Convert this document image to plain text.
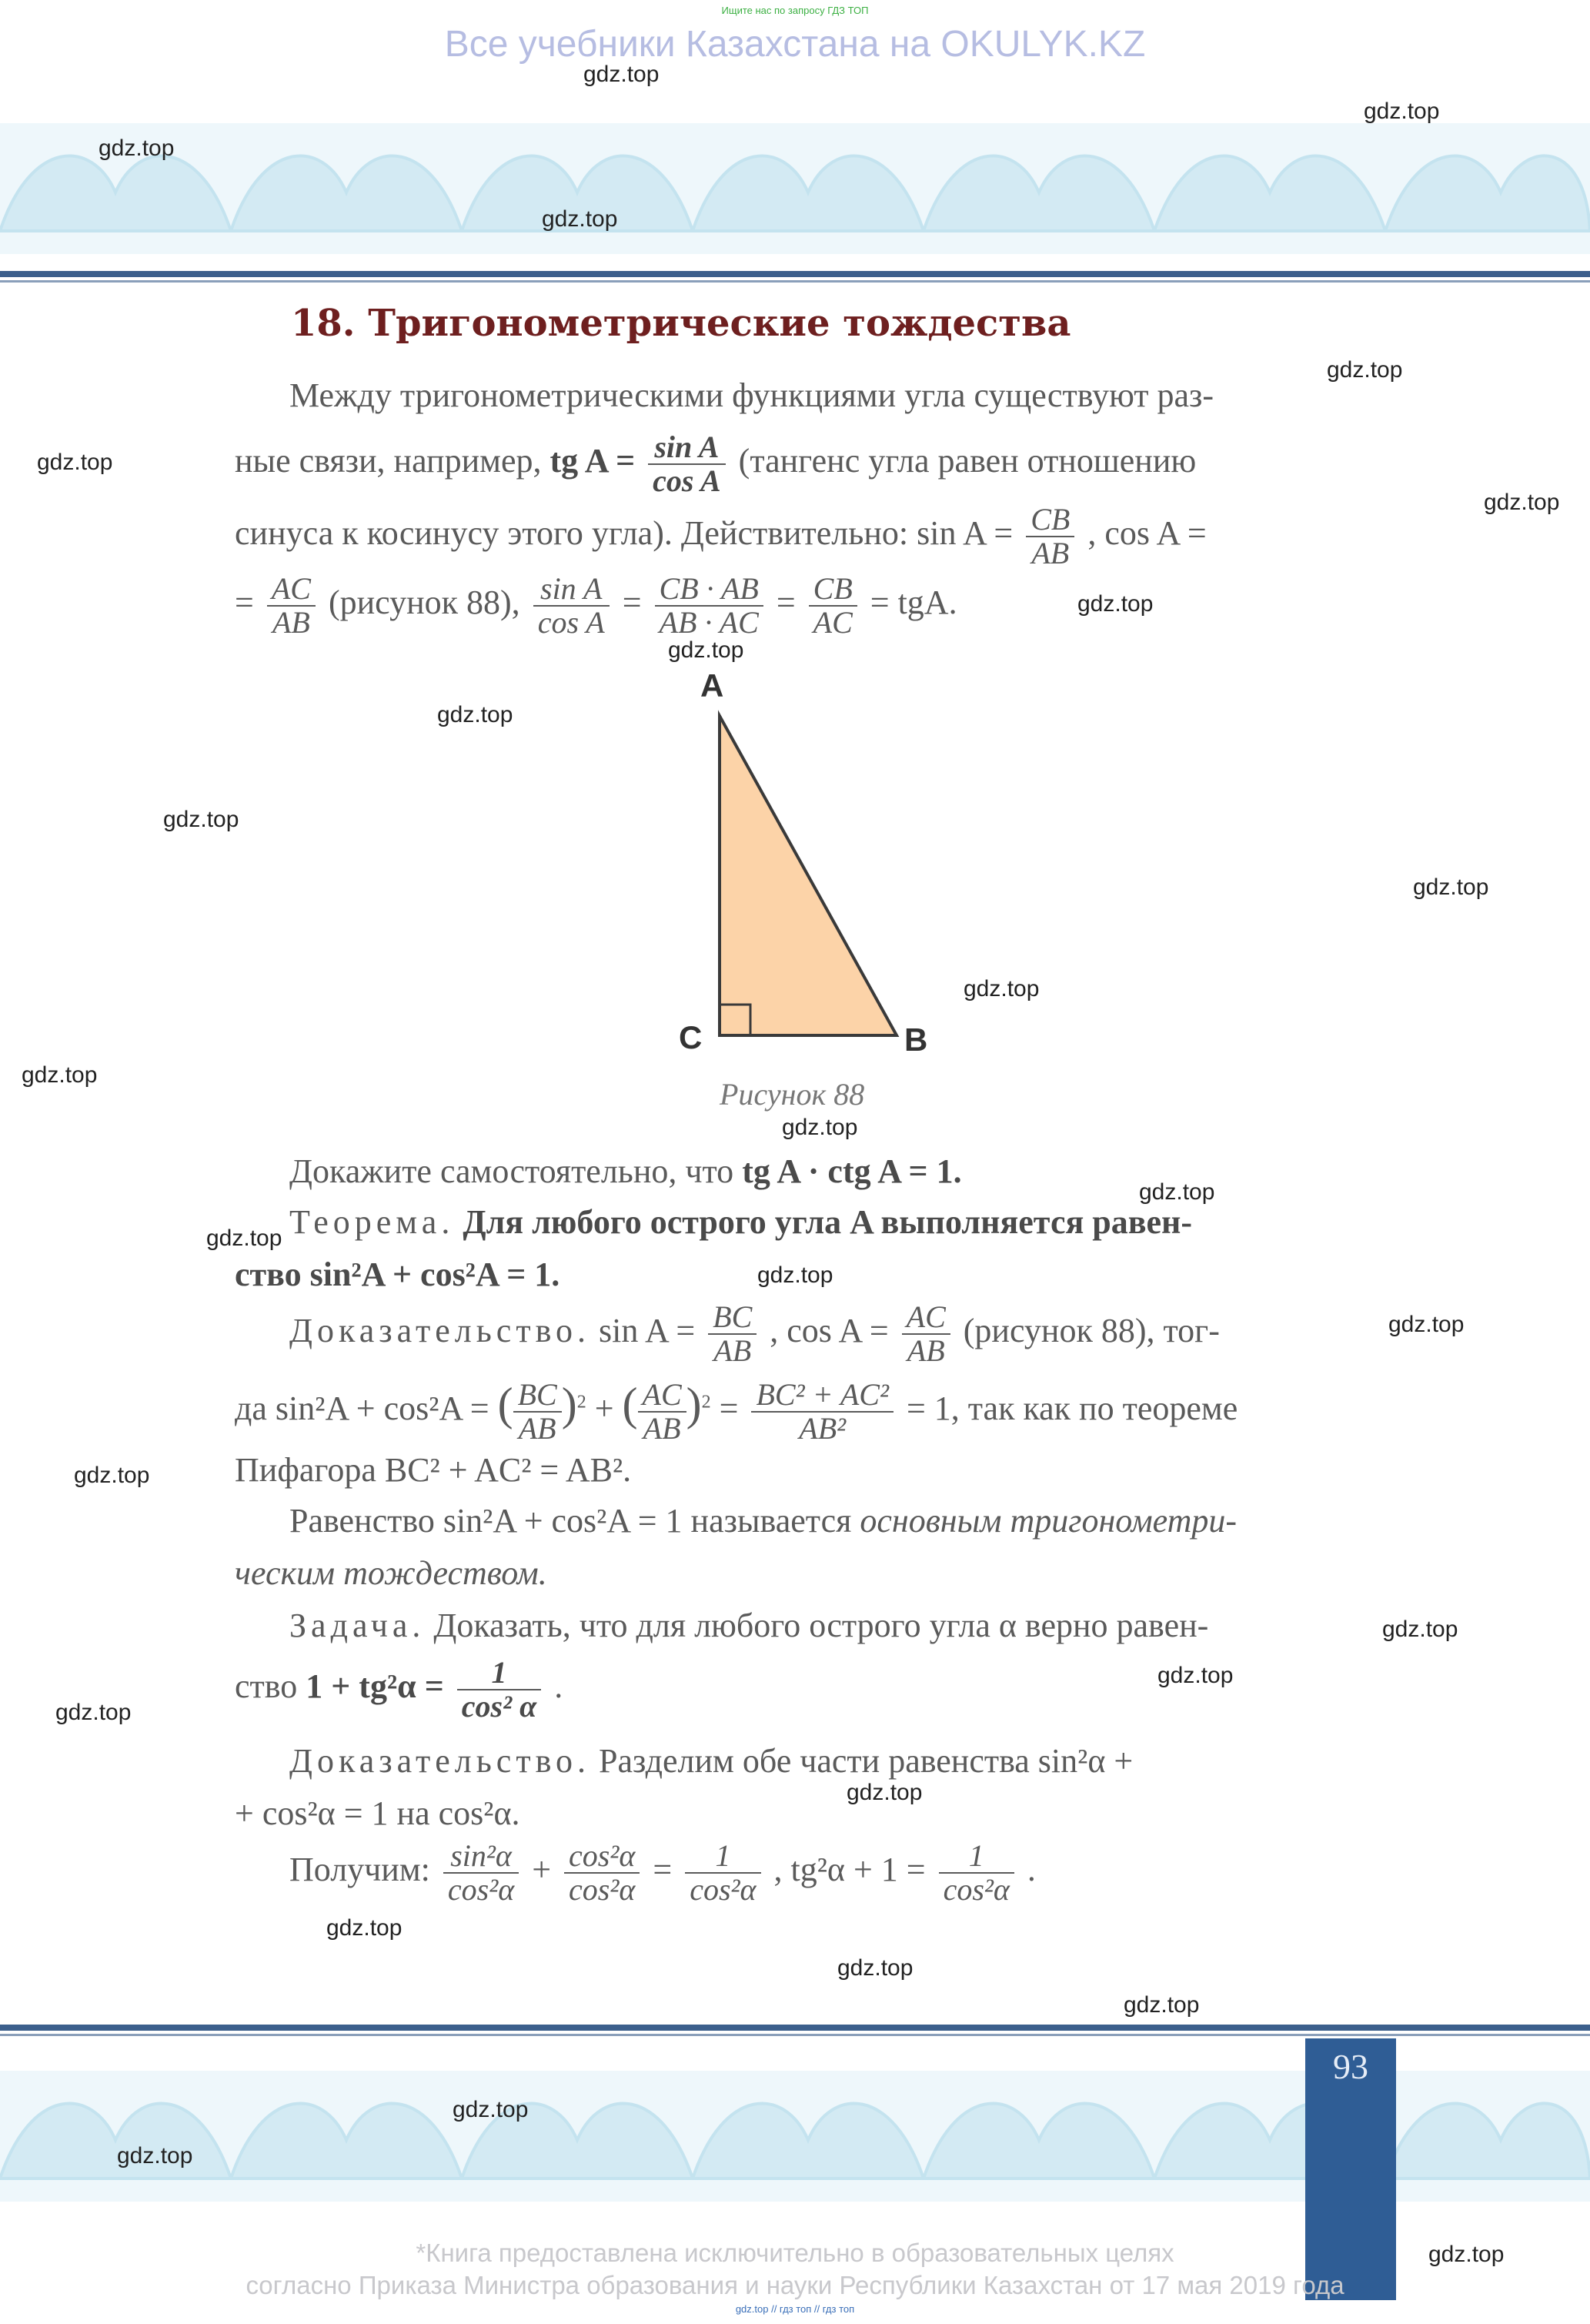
Ищите нас по запросу ГДЗ ТОП
Все учебники Казахстана на OKULYK.KZ
18. Тригонометрические тождества
Между тригонометрическими функциями угла существуют раз-
ные связи, например, tg $A = \frac{\text{sin A}}{\text{cos A}}$ (тангенс угла равен отношению
синуса к косинусу этого угла). Действительно: $\sin A = \frac{CB}{AB}$ , cos A =
= $\frac{AC}{AB}$ (рисунок 88), $\frac{\text{sin A}}{\text{cos A}} = \frac{CB \cdot AB}{AB \cdot AC} = \frac{CB}{AC}$ = tgA.
A
C	B
Рисунок 88
Докажите самостоятельно, что tg A · ctg A = 1.
Теорема. Для любого острого угла A выполняется равен-
ство sin²A + cos²A = 1.
Доказательство. $\sin A = \frac{BC}{AB}$ , $\cos A = \frac{AC}{AB}$ (рисунок 88), тог-
да sin²A + cos²A = ( $\frac{BC}{AB} )^2$ + ( $\frac{AC}{AB} )^2 = \frac{\text{BC² + AC²}}{\text{AB²}} = 1$, так как по теореме
Пифагора BC² + AC² = AB².
Равенство sin²A + cos²A = 1 называется основным тригонометри-
ческим тождеством.
Задача. Доказать, что для любого острого угла α верно равен-
ство $1 + tg^2\alpha = \frac{1}{\text{cos² α}}$ .
Доказательство. Разделим обе части равенства sin²α +
+ cos²α = 1 на cos²α.
Получим: $\frac{\text{sin²α}}{\text{cos²α}} + \frac{\text{cos²α}}{\text{cos²α}} = \frac{1}{\text{cos²α}}$ , $tg^2\alpha + 1 = \frac{1}{\text{cos²α}}$ .
93
*Книга предоставлена исключительно в образовательных целях
согласно Приказа Министра образования и науки Республики Казахстан от 17 мая 2019 года
gdz.top // гдз топ // гдз топ
gdz.top
gdz.top
gdz.top
gdz.top
gdz.top
gdz.top
gdz.top
gdz.top
gdz.top
gdz.top
gdz.top
gdz.top
gdz.top
gdz.top
gdz.top
gdz.top
gdz.top
gdz.top
gdz.top
gdz.top
gdz.top
gdz.top
gdz.top
gdz.top
gdz.top
gdz.top
gdz.top
gdz.top
gdz.top
gdz.top
